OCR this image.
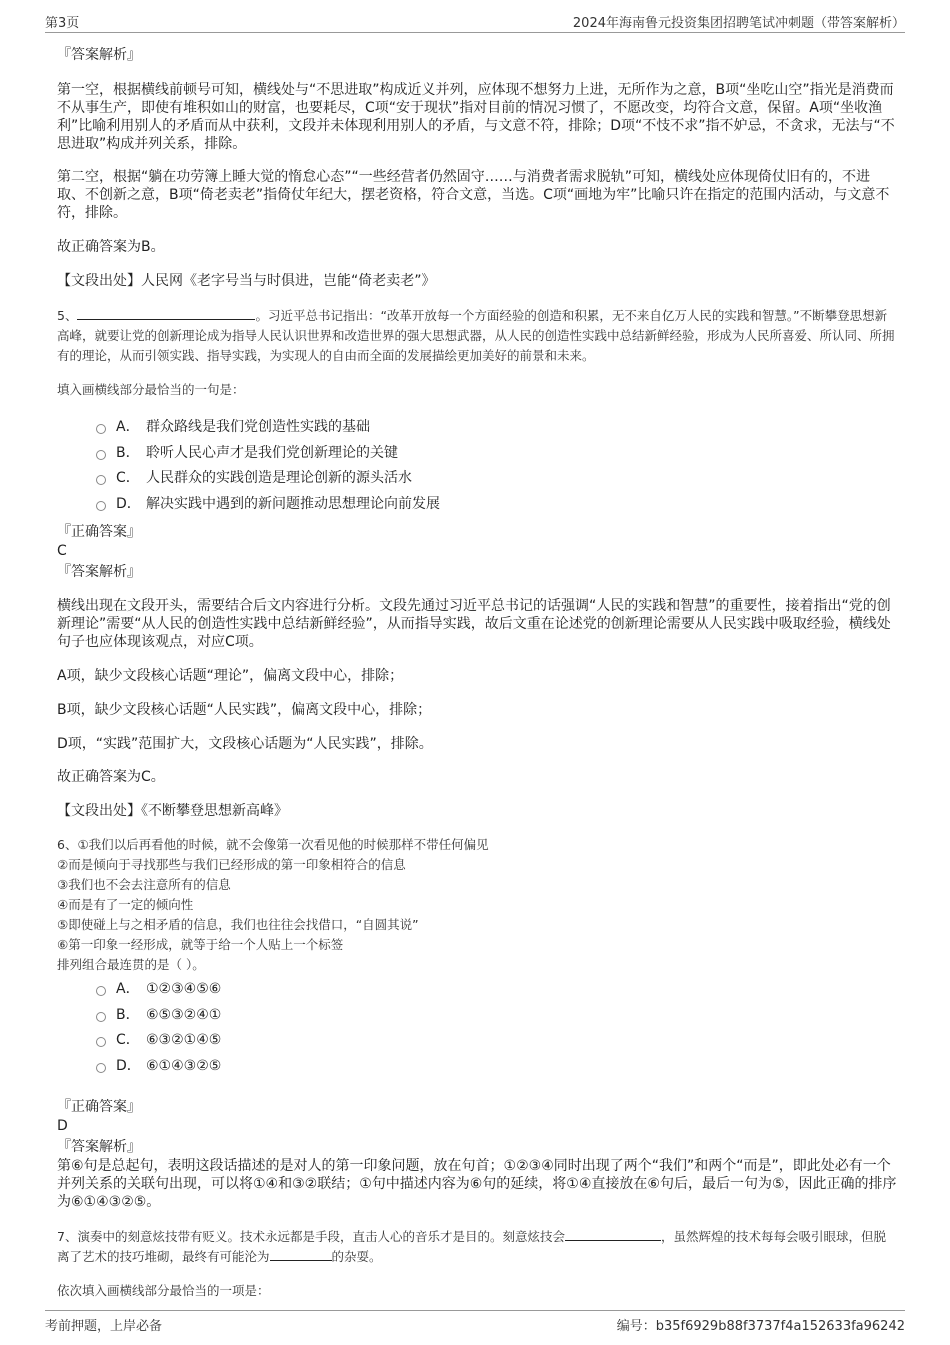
第3页	2024年海南鲁元投资集团招聘笔试冲刺题（带答案解析）
『答案解析』
第一空，根据横线前顿号可知，横线处与“不思进取”构成近义并列，应体现不想努力上进，无所作为之意，B项“坐吃山空”指光是消费而不从事生产，即使有堆积如山的财富，也要耗尽，C项“安于现状”指对目前的情况习惯了，不愿改变，均符合文意，保留。A项“坐收渔利”比喻利用别人的矛盾而从中获利，文段并未体现利用别人的矛盾，与文意不符，排除；D项“不忮不求”指不妒忌，不贪求，无法与“不思进取”构成并列关系，排除。
第二空，根据“躺在功劳簿上睡大觉的惰怠心态”“一些经营者仍然固守……与消费者需求脱轨”可知，横线处应体现倚仗旧有的，不进取、不创新之意，B项“倚老卖老”指倚仗年纪大，摆老资格，符合文意，当选。C项“画地为牢”比喻只许在指定的范围内活动，与文意不符，排除。
故正确答案为B。
【文段出处】人民网《老字号当与时俱进，岂能“倚老卖老”》
5、	。习近平总书记指出：“改革开放每一个方面经验的创造和积累，无不来自亿万人民的实践和智慧。”不断攀登思想新高峰，就要让党的创新理论成为指导人民认识世界和改造世界的强大思想武器，从人民的创造性实践中总结新鲜经验，形成为人民所喜爱、所认同、所拥有的理论，从而引领实践、指导实践，为实现人的自由而全面的发展描绘更加美好的前景和未来。
填入画横线部分最恰当的一句是：
A． 群众路线是我们党创造性实践的基础
B． 聆听人民心声才是我们党创新理论的关键
C． 人民群众的实践创造是理论创新的源头活水
D． 解决实践中遇到的新问题推动思想理论向前发展
『正确答案』
C
『答案解析』
横线出现在文段开头，需要结合后文内容进行分析。文段先通过习近平总书记的话强调“人民的实践和智慧”的重要性，接着指出“党的创新理论”需要“从人民的创造性实践中总结新鲜经验”，从而指导实践，故后文重在论述党的创新理论需要从人民实践中吸取经验，横线处句子也应体现该观点，对应C项。
A项，缺少文段核心话题“理论”，偏离文段中心，排除；
B项，缺少文段核心话题“人民实践”，偏离文段中心，排除；
D项，“实践”范围扩大，文段核心话题为“人民实践”，排除。
故正确答案为C。
【文段出处】《不断攀登思想新高峰》
6、①我们以后再看他的时候，就不会像第一次看见他的时候那样不带任何偏见
②而是倾向于寻找那些与我们已经形成的第一印象相符合的信息
③我们也不会去注意所有的信息
④而是有了一定的倾向性
⑤即使碰上与之相矛盾的信息，我们也往往会找借口，“自圆其说”
⑥第一印象一经形成，就等于给一个人贴上一个标签
排列组合最连贯的是（ ）。
A． ①②③④⑤⑥
B． ⑥⑤③②④①
C． ⑥③②①④⑤
D． ⑥①④③②⑤
『正确答案』
D
『答案解析』
第⑥句是总起句，表明这段话描述的是对人的第一印象问题，放在句首；①②③④同时出现了两个“我们”和两个“而是”，即此处必有一个并列关系的关联句出现，可以将①④和③②联结；①句中描述内容为⑥句的延续，将①④直接放在⑥句后，最后一句为⑤，因此正确的排序为⑥①④③②⑤。
7、演奏中的刻意炫技带有贬义。技术永远都是手段，直击人心的音乐才是目的。刻意炫技会	，虽然辉煌的技术每每会吸引眼球，但脱离了艺术的技巧堆砌，最终有可能沦为	的杂耍。
依次填入画横线部分最恰当的一项是：
考前押题，上岸必备	编号：b35f6929b88f3737f4a152633fa96242
